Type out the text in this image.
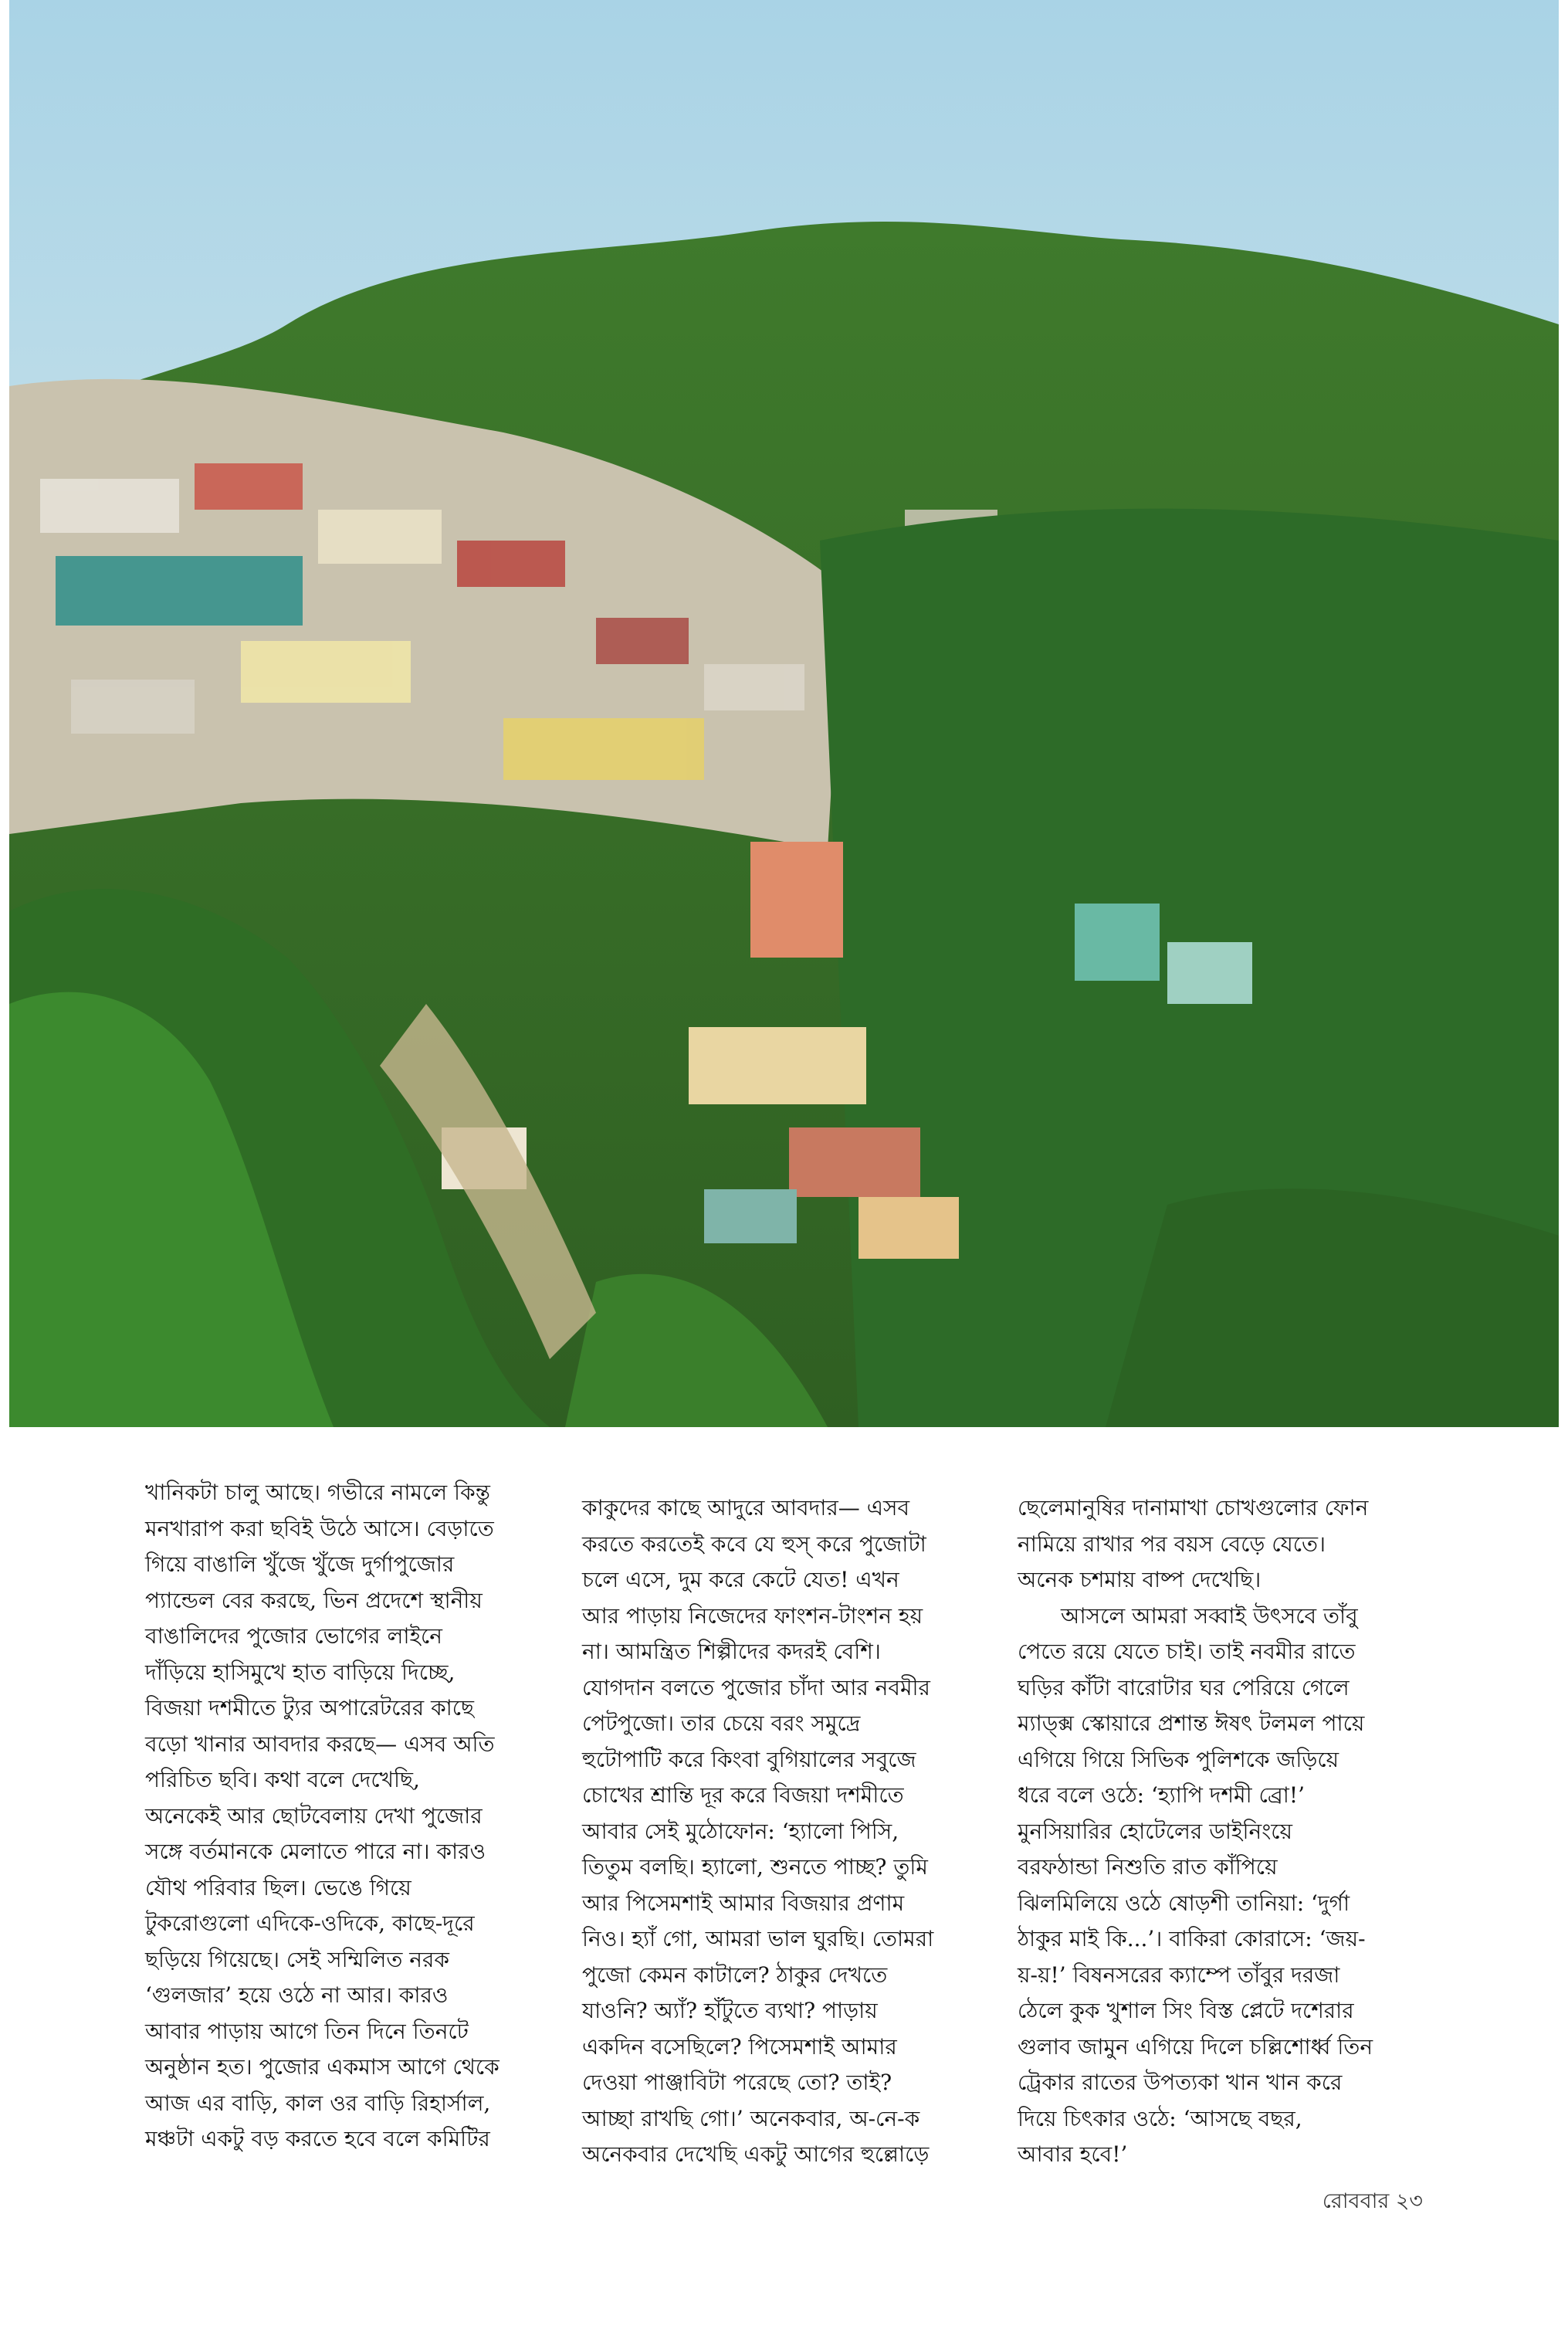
খানিকটা চালু আছে। গভীরে নামলে কিন্তু

মনখারাপ করা ছবিই উঠে আসে। বেড়াতে

গিয়ে বাঙালি খুঁজে খুঁজে দুর্গাপুজোর

প্যান্ডেল বের করছে, ভিন প্রদেশে স্থানীয়

বাঙালিদের পুজোর ভোগের লাইনে

দাঁড়িয়ে হাসিমুখে হাত বাড়িয়ে দিচ্ছে,

বিজয়া দশমীতে ট্যুর অপারেটরের কাছে

বড়ো খানার আবদার করছে— এসব অতি

পরিচিত ছবি। কথা বলে দেখেছি,

অনেকেই আর ছোটবেলায় দেখা পুজোর

সঙ্গে বর্তমানকে মেলাতে পারে না। কারও

যৌথ পরিবার ছিল। ভেঙে গিয়ে

টুকরোগুলো এদিকে-ওদিকে, কাছে-দূরে

ছড়িয়ে গিয়েছে। সেই সম্মিলিত নরক

‘গুলজার’ হয়ে ওঠে না আর। কারও

আবার পাড়ায় আগে তিন দিনে তিনটে

অনুষ্ঠান হত। পুজোর একমাস আগে থেকে

আজ এর বাড়ি, কাল ওর বাড়ি রিহার্সাল,

মঞ্চটা একটু বড় করতে হবে বলে কমিটির

কাকুদের কাছে আদুরে আবদার— এসব

করতে করতেই কবে যে হুস্‌ করে পুজোটা

চলে এসে, দুম করে কেটে যেত! এখন

আর পাড়ায় নিজেদের ফাংশন-টাংশন হয়

না। আমন্ত্রিত শিল্পীদের কদরই বেশি।

যোগদান বলতে পুজোর চাঁদা আর নবমীর

পেটপুজো। তার চেয়ে বরং সমুদ্রে

হুটোপাটি করে কিংবা বুগিয়ালের সবুজে

চোখের শ্রান্তি দূর করে বিজয়া দশমীতে

আবার সেই মুঠোফোন: ‘হ্যালো পিসি,

তিতুম বলছি। হ্যালো, শুনতে পাচ্ছ? তুমি

আর পিসেমশাই আমার বিজয়ার প্রণাম

নিও। হ্যাঁ গো, আমরা ভাল ঘুরছি। তোমরা

পুজো কেমন কাটালে? ঠাকুর দেখতে

যাওনি? অ্যাঁ? হাঁটুতে ব্যথা? পাড়ায়

একদিন বসেছিলে? পিসেমশাই আমার

দেওয়া পাঞ্জাবিটা পরেছে তো? তাই?

আচ্ছা রাখছি গো।’ অনেকবার, অ-নে-ক

অনেকবার দেখেছি একটু আগের হুল্লোড়ে

ছেলেমানুষির দানামাখা চোখগুলোর ফোন

নামিয়ে রাখার পর বয়স বেড়ে যেতে।

অনেক চশমায় বাষ্প দেখেছি।

আসলে আমরা সব্বাই উৎসবে তাঁবু

পেতে রয়ে যেতে চাই। তাই নবমীর রাতে

ঘড়ির কাঁটা বারোটার ঘর পেরিয়ে গেলে

ম্যাড্‌ক্স স্কোয়ারে প্রশান্ত ঈষৎ টলমল পায়ে

এগিয়ে গিয়ে সিভিক পুলিশকে জড়িয়ে

ধরে বলে ওঠে: ‘হ্যাপি দশমী ব্রো!’

মুনসিয়ারির হোটেলের ডাইনিংয়ে

বরফঠান্ডা নিশুতি রাত কাঁপিয়ে

ঝিলমিলিয়ে ওঠে ষোড়শী তানিয়া: ‘দুর্গা

ঠাকুর মাই কি...’। বাকিরা কোরাসে: ‘জয়-

য়-য়!’ বিষনসরের ক্যাম্পে তাঁবুর দরজা

ঠেলে কুক খুশাল সিং বিস্ত প্লেটে দশেরার

গুলাব জামুন এগিয়ে দিলে চল্লিশোর্ধ্ব তিন

ট্রেকার রাতের উপত্যকা খান খান করে

দিয়ে চিৎকার ওঠে: ‘আসছে বছর,

আবার হবে!’

রোববার ২৩
